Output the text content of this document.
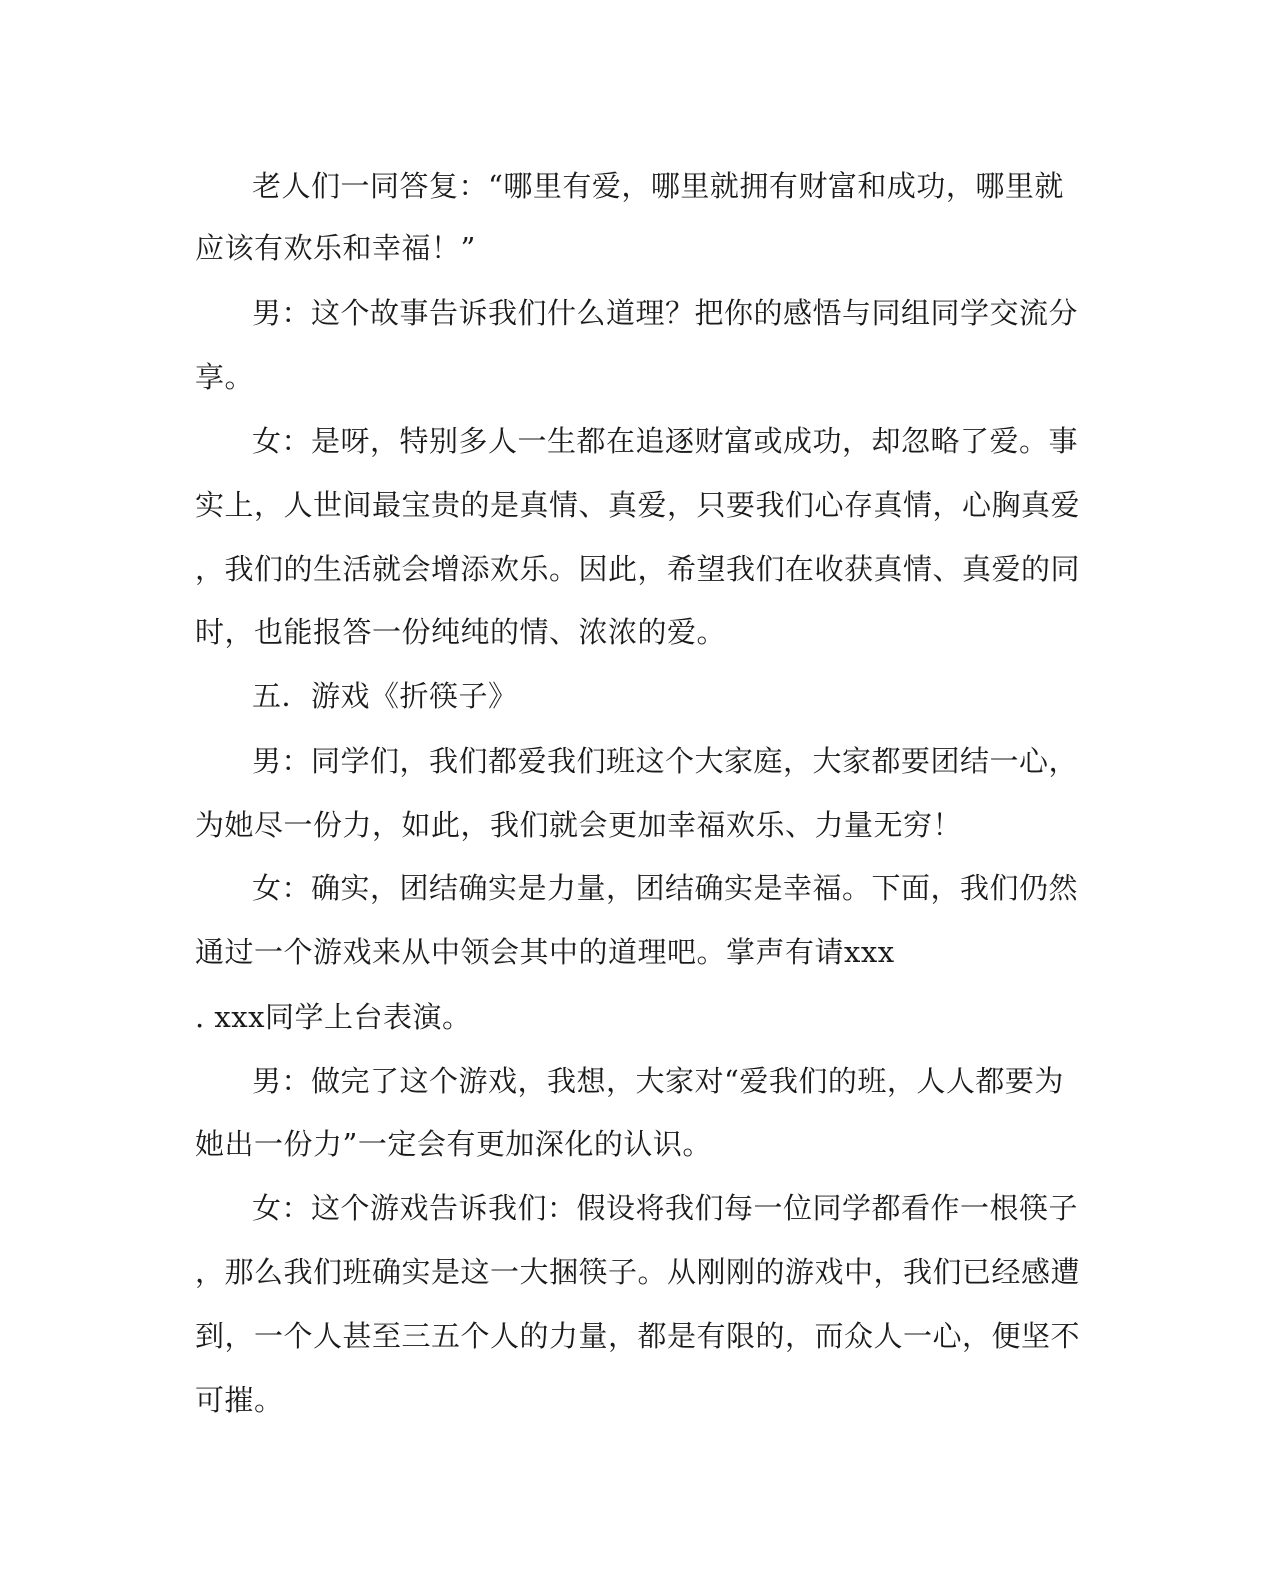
老人们一同答复：“哪里有爱，哪里就拥有财富和成功，哪里就
应该有欢乐和幸福！”
男：这个故事告诉我们什么道理？把你的感悟与同组同学交流分
享。
女：是呀，特别多人一生都在追逐财富或成功，却忽略了爱。事
实上，人世间最宝贵的是真情、真爱，只要我们心存真情，心胸真爱
，我们的生活就会增添欢乐。因此，希望我们在收获真情、真爱的同
时，也能报答一份纯纯的情、浓浓的爱。
五．游戏《折筷子》
男：同学们，我们都爱我们班这个大家庭，大家都要团结一心，
为她尽一份力，如此，我们就会更加幸福欢乐、力量无穷！
女：确实，团结确实是力量，团结确实是幸福。下面，我们仍然
通过一个游戏来从中领会其中的道理吧。掌声有请xxx
. xxx同学上台表演。
男：做完了这个游戏，我想，大家对“爱我们的班，人人都要为
她出一份力”一定会有更加深化的认识。
女：这个游戏告诉我们：假设将我们每一位同学都看作一根筷子
，那么我们班确实是这一大捆筷子。从刚刚的游戏中，我们已经感遭
到，一个人甚至三五个人的力量，都是有限的，而众人一心，便坚不
可摧。
